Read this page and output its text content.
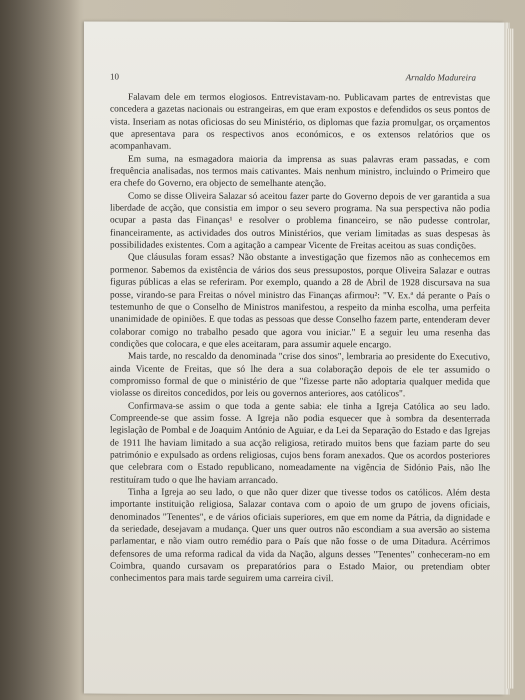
10	Arnaldo Madureira

Falavam dele em termos elogiosos. Entrevistavam-no. Publicavam partes de entrevistas que concedera a gazetas nacionais ou estrangeiras, em que eram expostos e defendidos os seus pontos de vista. Inseriam as notas oficiosas do seu Ministério, os diplomas que fazia promulgar, os orçamentos que apresentava para os respectivos anos económicos, e os extensos relatórios que os acompanhavam.

Em suma, na esmagadora maioria da imprensa as suas palavras eram passadas, e com frequência analisadas, nos termos mais cativantes. Mais nenhum ministro, incluindo o Primeiro que era chefe do Governo, era objecto de semelhante atenção.

Como se disse Oliveira Salazar só aceitou fazer parte do Governo depois de ver garantida a sua liberdade de acção, que consistia em impor o seu severo programa. Na sua perspectiva não podia ocupar a pasta das Finanças¹ e resolver o problema financeiro, se não pudesse controlar, financeiramente, as actividades dos outros Ministérios, que veriam limitadas as suas despesas às possibilidades existentes. Com a agitação a campear Vicente de Freitas aceitou as suas condições.

Que cláusulas foram essas? Não obstante a investigação que fizemos não as conhecemos em pormenor. Sabemos da existência de vários dos seus pressupostos, porque Oliveira Salazar e outras figuras públicas a elas se referiram. Por exemplo, quando a 28 de Abril de 1928 discursava na sua posse, virando-se para Freitas o nóvel ministro das Finanças afirmou²: "V. Ex.ª dá perante o País o testemunho de que o Conselho de Ministros manifestou, a respeito da minha escolha, uma perfeita unanimidade de opiniões. E que todas as pessoas que desse Conselho fazem parte, entenderam dever colaborar comigo no trabalho pesado que agora vou iniciar." E a seguir leu uma resenha das condições que colocara, e que eles aceitaram, para assumir aquele encargo.

Mais tarde, no rescaldo da denominada "crise dos sinos", lembraria ao presidente do Executivo, ainda Vicente de Freitas, que só lhe dera a sua colaboração depois de ele ter assumido o compromisso formal de que o ministério de que "fizesse parte não adoptaria qualquer medida que violasse os direitos concedidos, por leis ou governos anteriores, aos católicos".

Confirmava-se assim o que toda a gente sabia: ele tinha a Igreja Católica ao seu lado. Compreende-se que assim fosse. A Igreja não podia esquecer que à sombra da desenterrada legislação de Pombal e de Joaquim António de Aguiar, e da Lei da Separação do Estado e das Igrejas de 1911 lhe haviam limitado a sua acção religiosa, retirado muitos bens que faziam parte do seu património e expulsado as ordens religiosas, cujos bens foram anexados. Que os acordos posteriores que celebrara com o Estado republicano, nomeadamente na vigência de Sidónio Pais, não lhe restituíram tudo o que lhe haviam arrancado.

Tinha a Igreja ao seu lado, o que não quer dizer que tivesse todos os católicos. Além desta importante instituição religiosa, Salazar contava com o apoio de um grupo de jovens oficiais, denominados "Tenentes", e de vários oficiais superiores, em que em nome da Pátria, da dignidade e da seriedade, desejavam a mudança. Quer uns quer outros não escondiam a sua aversão ao sistema parlamentar, e não viam outro remédio para o País que não fosse o de uma Ditadura. Acérrimos defensores de uma reforma radical da vida da Nação, alguns desses "Tenentes" conheceram-no em Coimbra, quando cursavam os preparatórios para o Estado Maior, ou pretendiam obter conhecimentos para mais tarde seguirem uma carreira civil.
